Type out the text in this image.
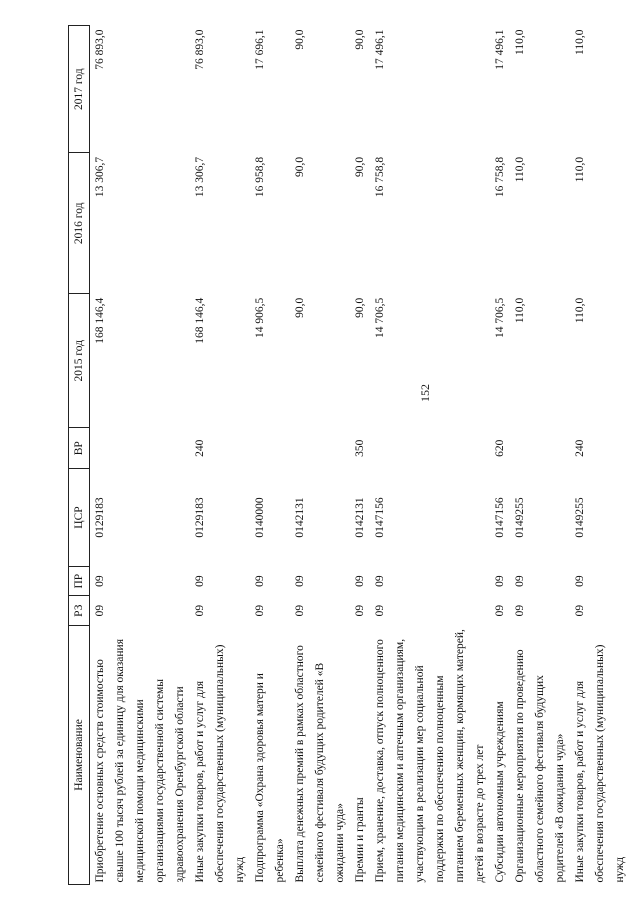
152
Наименование	РЗ	ПР	ЦСР	ВР	2015 год	2016 год	2017 год
Приобретение основных средств стоимостью свыше 100 тысяч рублей за единицу для оказания медицинской помощи медицинскими организациями государственной системы здравоохранения Оренбургской области	09	09	0129183		168 146,4	13 306,7	76 893,0
Иные закупки товаров, работ и услуг для обеспечения государственных (муниципальных) нужд	09	09	0129183	240	168 146,4	13 306,7	76 893,0
Подпрограмма «Охрана здоровья матери и ребенка»	09	09	0140000		14 906,5	16 958,8	17 696,1
Выплата денежных премий в рамках областного семейного фестиваля будущих родителей «В ожидании чуда»	09	09	0142131		90,0	90,0	90,0
Премии и гранты	09	09	0142131	350	90,0	90,0	90,0
Прием, хранение, доставка, отпуск полноценного питания медицинским и аптечным организациям, участвующим в реализации мер социальной поддержки по обеспечению полноценным питанием беременных женщин, кормящих матерей, детей в возрасте до трех лет	09	09	0147156		14 706,5	16 758,8	17 496,1
Субсидии автономным учреждениям	09	09	0147156	620	14 706,5	16 758,8	17 496,1
Организационные мероприятия по проведению областного семейного фестиваля будущих родителей «В ожидании чуда»	09	09	0149255		110,0	110,0	110,0
Иные закупки товаров, работ и услуг для обеспечения государственных (муниципальных) нужд	09	09	0149255	240	110,0	110,0	110,0
